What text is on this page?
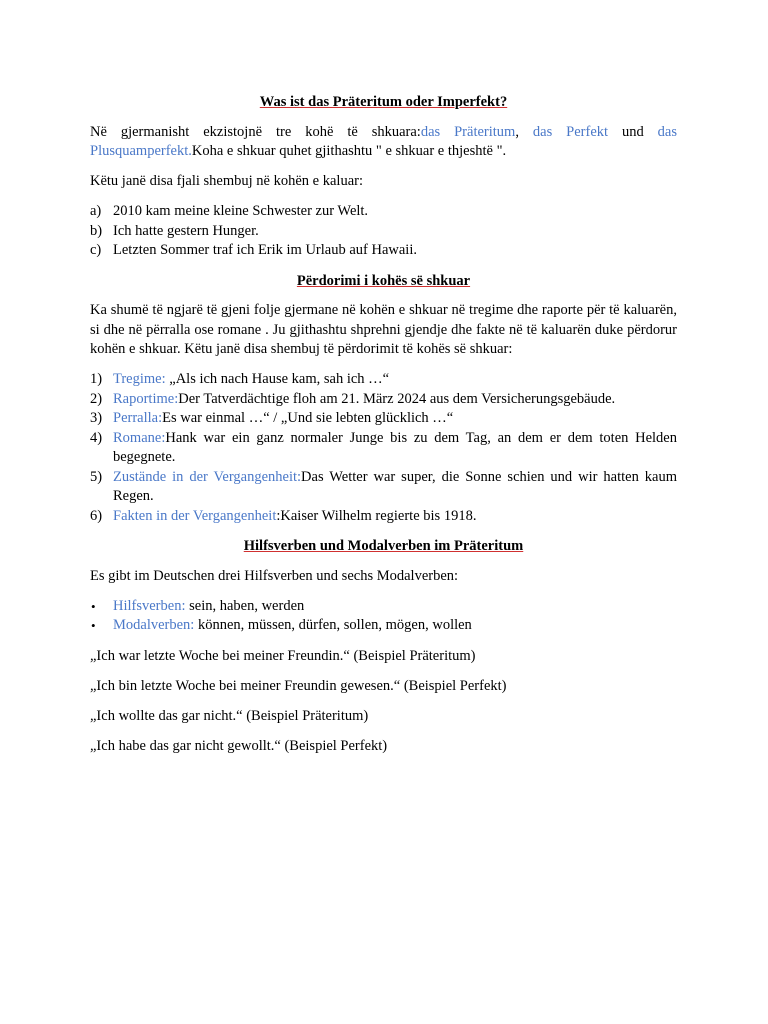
Was ist das Präteritum oder Imperfekt?

Në gjermanisht ekzistojnë tre kohë të shkuara:das Präteritum, das Perfekt und das Plusquamperfekt.Koha e shkuar quhet gjithashtu " e shkuar e thjeshtë ".

Këtu janë disa fjali shembuj në kohën e kaluar:

a) 2010 kam meine kleine Schwester zur Welt.
b) Ich hatte gestern Hunger.
c) Letzten Sommer traf ich Erik im Urlaub auf Hawaii.

Përdorimi i kohës së shkuar

Ka shumë të ngjarë të gjeni folje gjermane në kohën e shkuar në tregime dhe raporte për të kaluarën, si dhe në përralla ose romane . Ju gjithashtu shprehni gjendje dhe fakte në të kaluarën duke përdorur kohën e shkuar. Këtu janë disa shembuj të përdorimit të kohës së shkuar:

1) Tregime: „Als ich nach Hause kam, sah ich …“
2) Raportime:Der Tatverdächtige floh am 21. März 2024 aus dem Versicherungsgebäude.
3) Perralla:Es war einmal …“ / „Und sie lebten glücklich …“
4) Romane:Hank war ein ganz normaler Junge bis zu dem Tag, an dem er dem toten Helden begegnete.
5) Zustände in der Vergangenheit:Das Wetter war super, die Sonne schien und wir hatten kaum Regen.
6) Fakten in der Vergangenheit:Kaiser Wilhelm regierte bis 1918.

Hilfsverben und Modalverben im Präteritum

Es gibt im Deutschen drei Hilfsverben und sechs Modalverben:

• Hilfsverben: sein, haben, werden
• Modalverben: können, müssen, dürfen, sollen, mögen, wollen

„Ich war letzte Woche bei meiner Freundin.“ (Beispiel Präteritum)

„Ich bin letzte Woche bei meiner Freundin gewesen.“ (Beispiel Perfekt)

„Ich wollte das gar nicht.“ (Beispiel Präteritum)

„Ich habe das gar nicht gewollt.“ (Beispiel Perfekt)
